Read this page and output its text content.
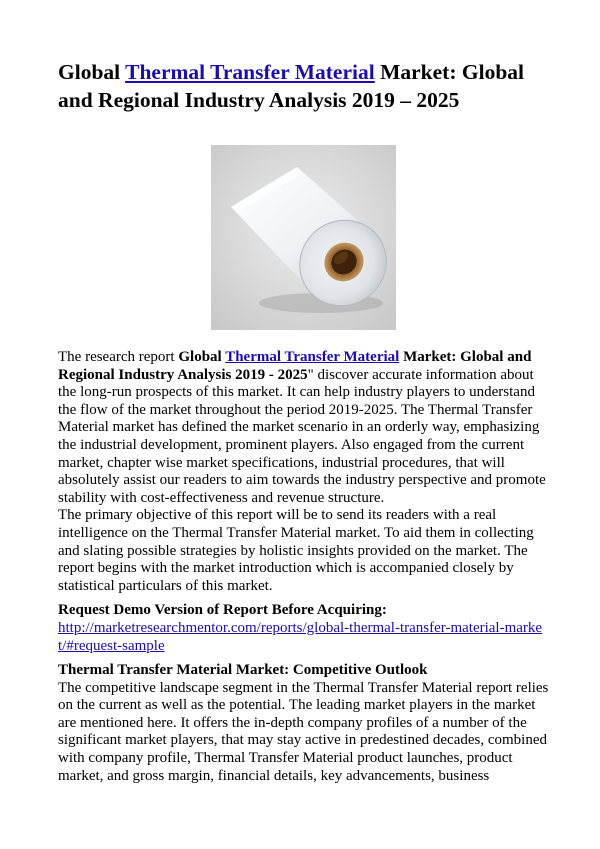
Global Thermal Transfer Material Market: Global and Regional Industry Analysis 2019 – 2025

The research report Global Thermal Transfer Material Market: Global and Regional Industry Analysis 2019 - 2025" discover accurate information about the long-run prospects of this market. It can help industry players to understand the flow of the market throughout the period 2019-2025. The Thermal Transfer Material market has defined the market scenario in an orderly way, emphasizing the industrial development, prominent players. Also engaged from the current market, chapter wise market specifications, industrial procedures, that will absolutely assist our readers to aim towards the industry perspective and promote stability with cost-effectiveness and revenue structure.

The primary objective of this report will be to send its readers with a real intelligence on the Thermal Transfer Material market. To aid them in collecting and slating possible strategies by holistic insights provided on the market. The report begins with the market introduction which is accompanied closely by statistical particulars of this market.

Request Demo Version of Report Before Acquiring:

http://marketresearchmentor.com/reports/global-thermal-transfer-material-market/#request-sample

Thermal Transfer Material Market: Competitive Outlook

The competitive landscape segment in the Thermal Transfer Material report relies on the current as well as the potential. The leading market players in the market are mentioned here. It offers the in-depth company profiles of a number of the significant market players, that may stay active in predestined decades, combined with company profile, Thermal Transfer Material product launches, product market, and gross margin, financial details, key advancements, business
